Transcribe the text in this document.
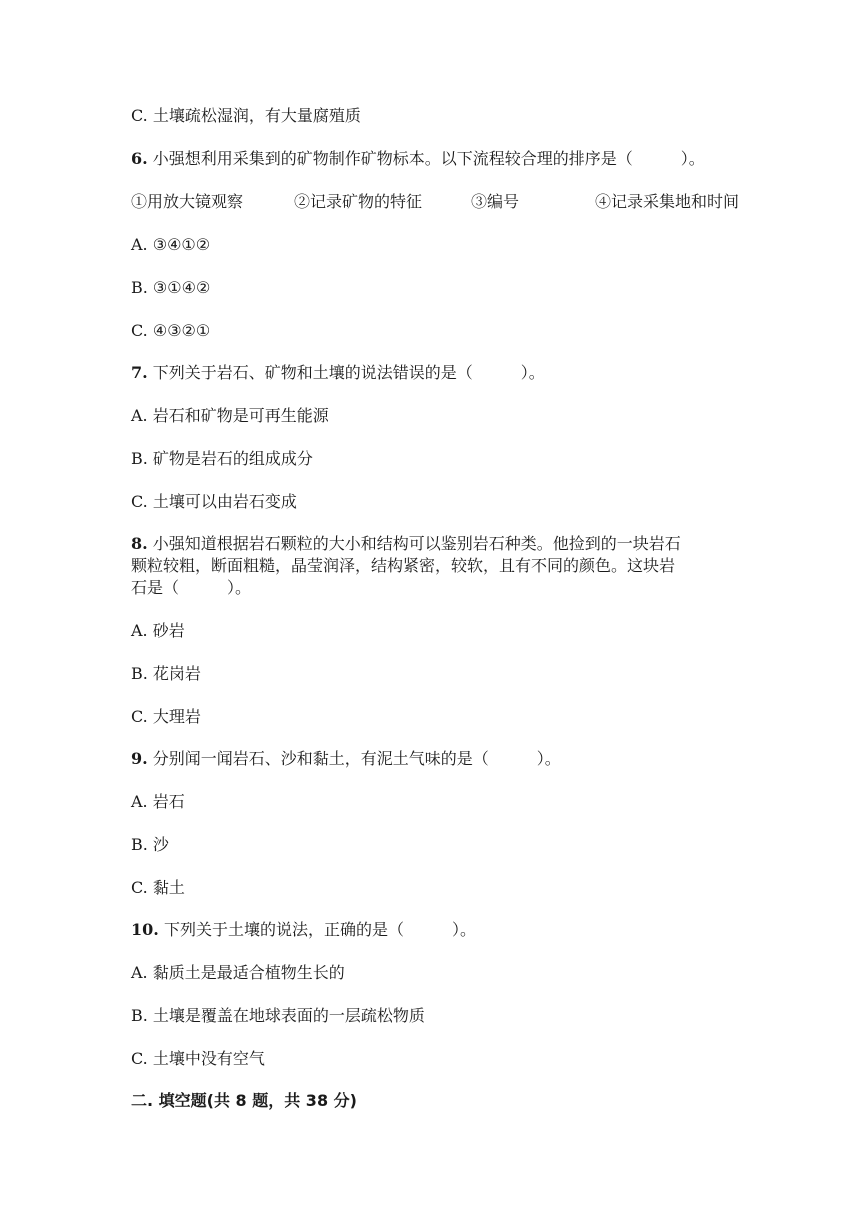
C. 土壤疏松湿润，有大量腐殖质
6. 小强想利用采集到的矿物制作矿物标本。以下流程较合理的排序是（　　　）。
①用放大镜观察	②记录矿物的特征	③编号	④记录采集地和时间
A. ③④①②
B. ③①④②
C. ④③②①
7. 下列关于岩石、矿物和土壤的说法错误的是（　　　）。
A. 岩石和矿物是可再生能源
B. 矿物是岩石的组成成分
C. 土壤可以由岩石变成
8. 小强知道根据岩石颗粒的大小和结构可以鉴别岩石种类。他捡到的一块岩石
颗粒较粗，断面粗糙，晶莹润泽，结构紧密，较软，且有不同的颜色。这块岩
石是（　　　）。
A. 砂岩
B. 花岗岩
C. 大理岩
9. 分别闻一闻岩石、沙和黏土，有泥土气味的是（　　　）。
A. 岩石
B. 沙
C. 黏土
10. 下列关于土壤的说法，正确的是（　　　）。
A. 黏质土是最适合植物生长的
B. 土壤是覆盖在地球表面的一层疏松物质
C. 土壤中没有空气
二. 填空题(共 8 题，共 38 分)
